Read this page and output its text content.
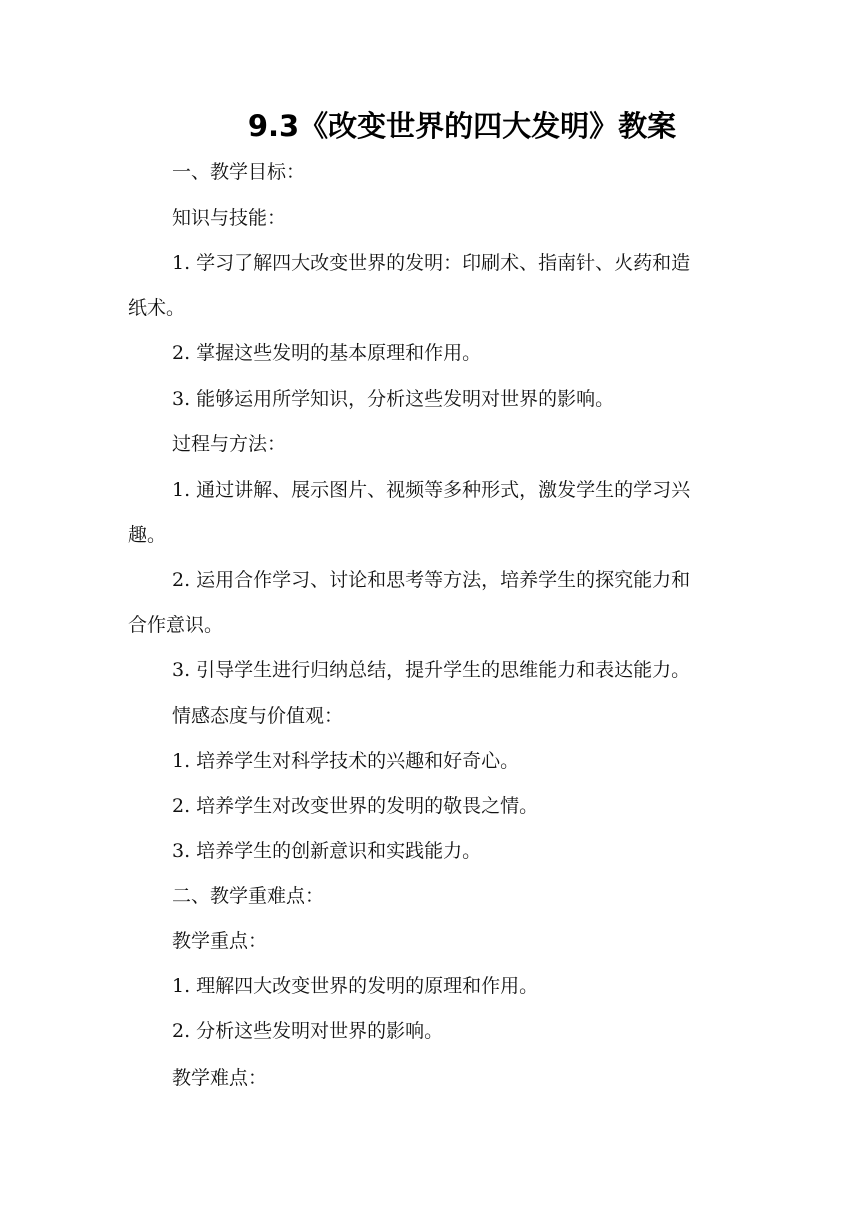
9.3《改变世界的四大发明》教案
一、教学目标：
知识与技能：
1. 学习了解四大改变世界的发明：印刷术、指南针、火药和造
纸术。
2. 掌握这些发明的基本原理和作用。
3. 能够运用所学知识，分析这些发明对世界的影响。
过程与方法：
1. 通过讲解、展示图片、视频等多种形式，激发学生的学习兴
趣。
2. 运用合作学习、讨论和思考等方法，培养学生的探究能力和
合作意识。
3. 引导学生进行归纳总结，提升学生的思维能力和表达能力。
情感态度与价值观：
1. 培养学生对科学技术的兴趣和好奇心。
2. 培养学生对改变世界的发明的敬畏之情。
3. 培养学生的创新意识和实践能力。
二、教学重难点：
教学重点：
1. 理解四大改变世界的发明的原理和作用。
2. 分析这些发明对世界的影响。
教学难点：
